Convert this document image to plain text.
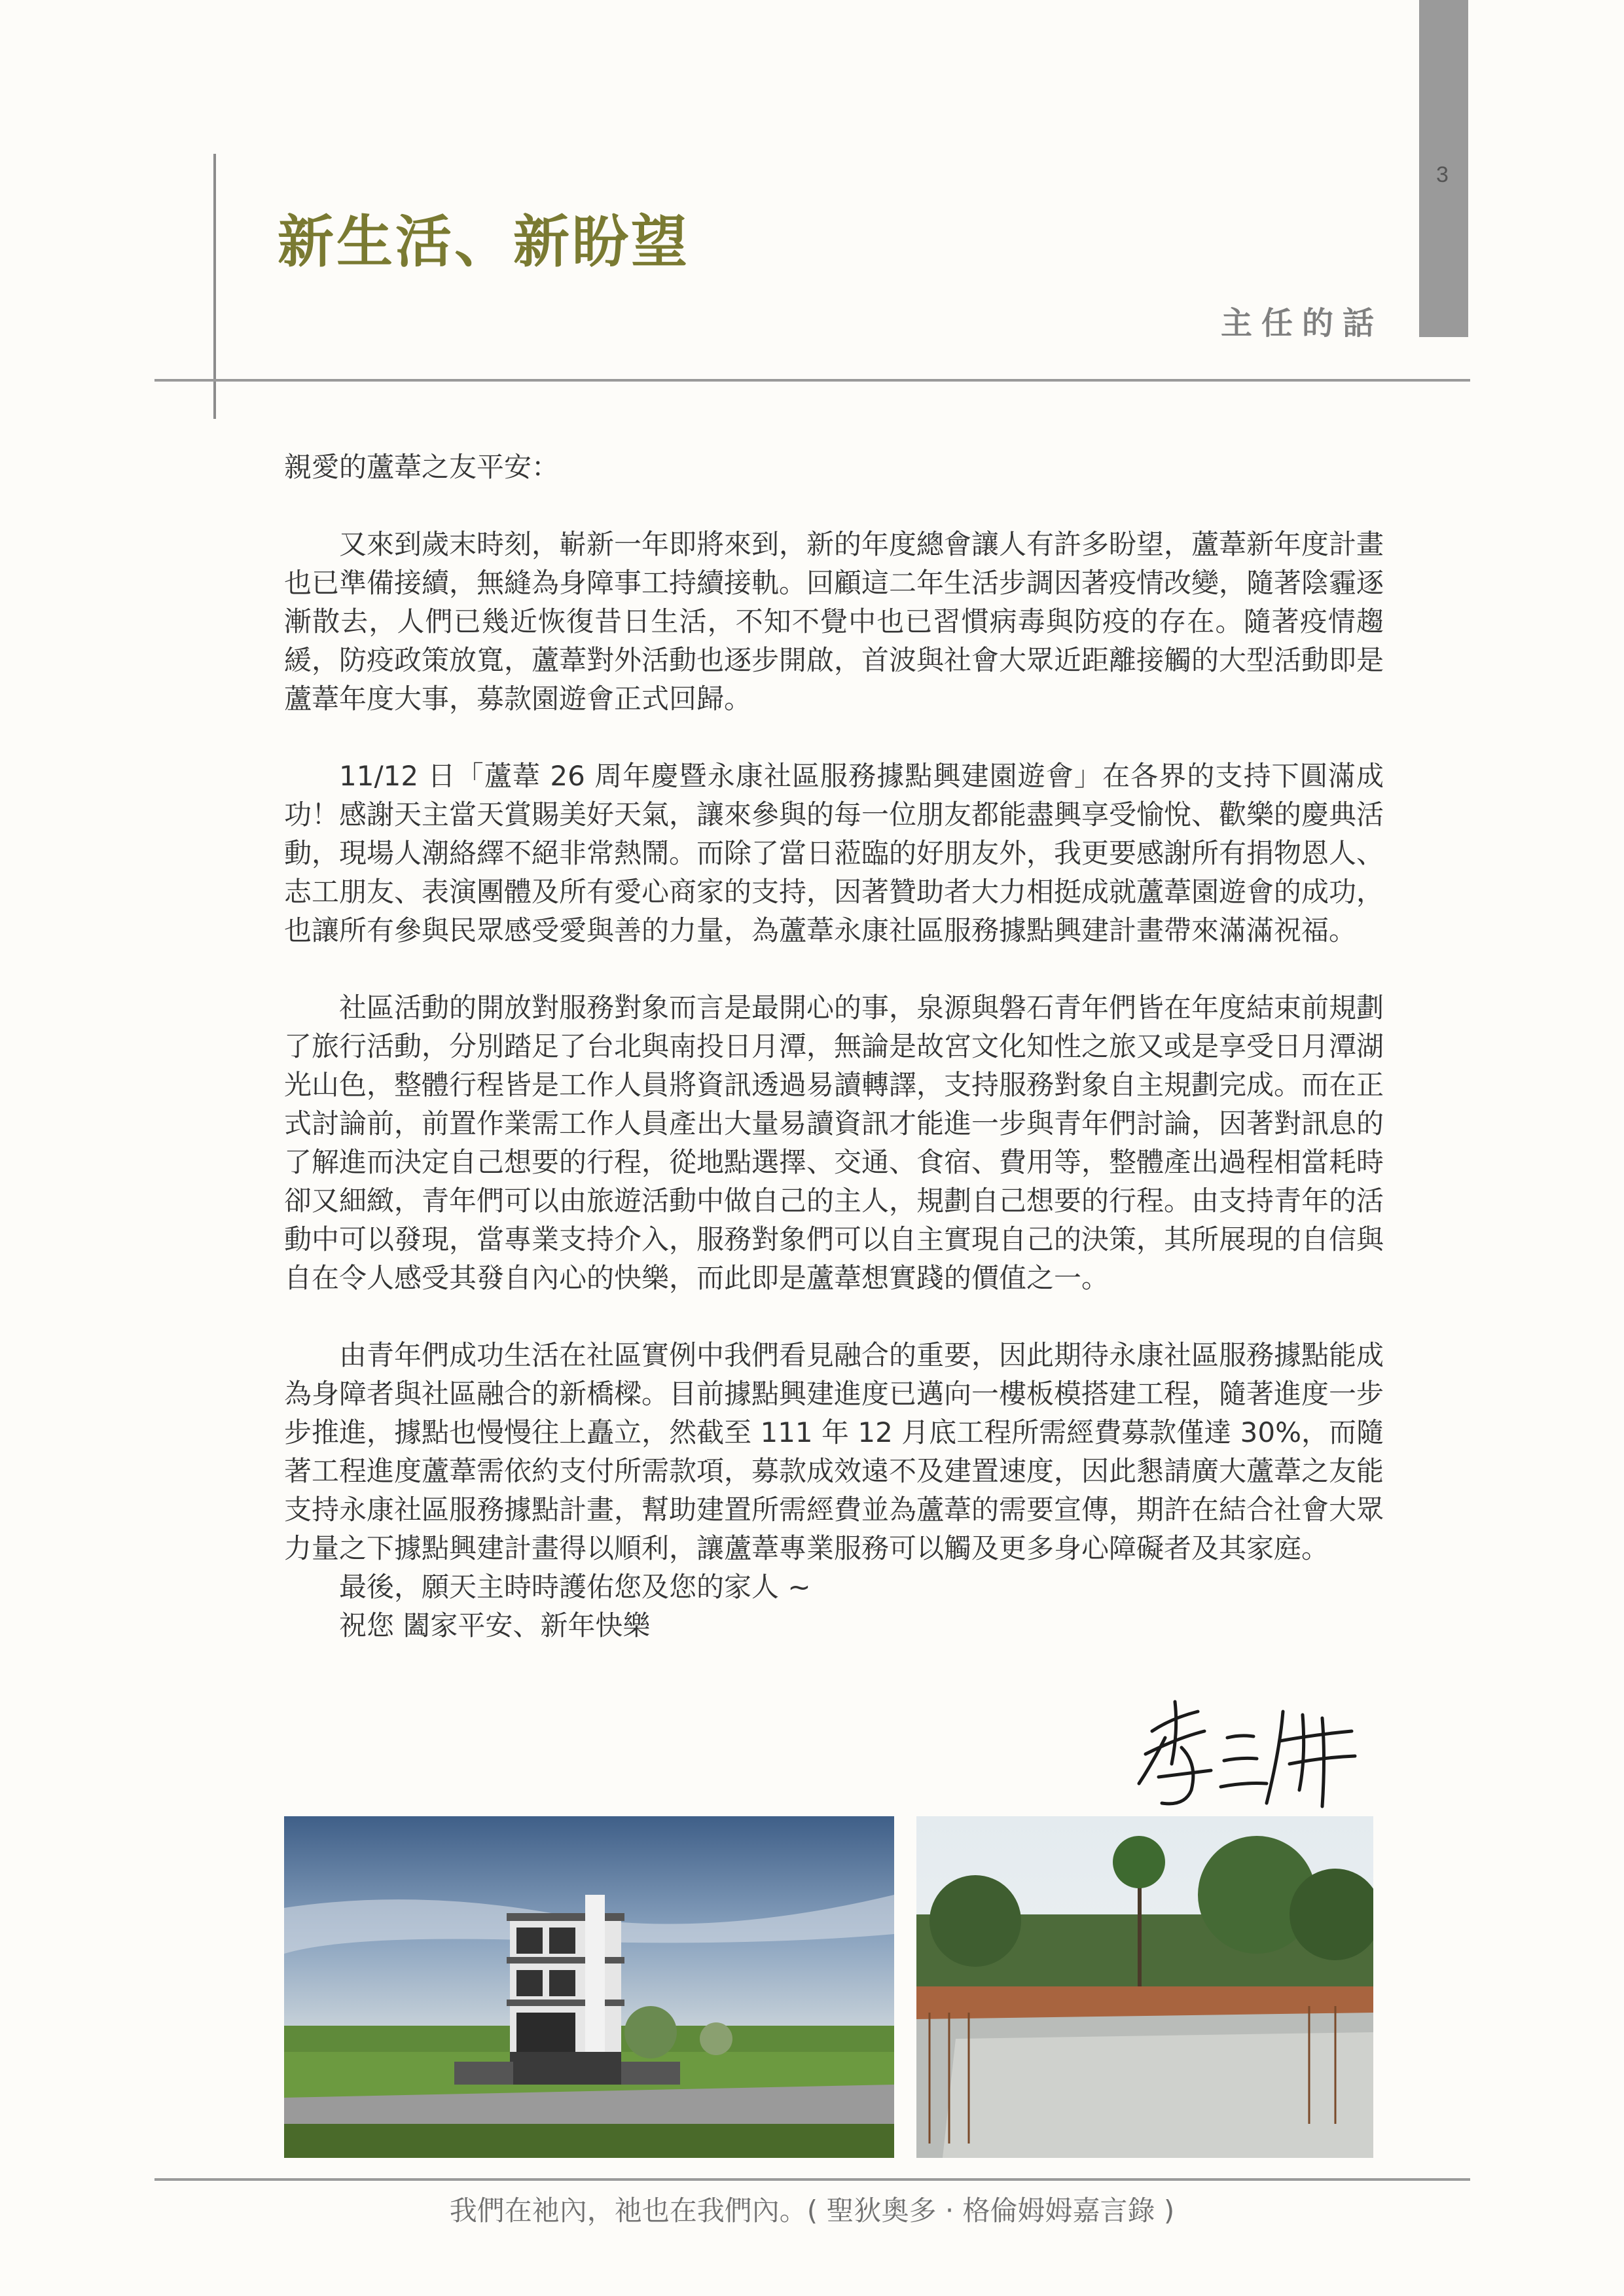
3
新生活、新盼望
主任的話

親愛的蘆葦之友平安：

又來到歲末時刻，嶄新一年即將來到，新的年度總會讓人有許多盼望，蘆葦新年度計畫也已準備接續，無縫為身障事工持續接軌。回顧這二年生活步調因著疫情改變，隨著陰霾逐漸散去，人們已幾近恢復昔日生活，不知不覺中也已習慣病毒與防疫的存在。隨著疫情趨緩，防疫政策放寬，蘆葦對外活動也逐步開啟，首波與社會大眾近距離接觸的大型活動即是蘆葦年度大事，募款園遊會正式回歸。

11/12 日「蘆葦 26 周年慶暨永康社區服務據點興建園遊會」在各界的支持下圓滿成功！感謝天主當天賞賜美好天氣，讓來參與的每一位朋友都能盡興享受愉悅、歡樂的慶典活動，現場人潮絡繹不絕非常熱鬧。而除了當日蒞臨的好朋友外，我更要感謝所有捐物恩人、志工朋友、表演團體及所有愛心商家的支持，因著贊助者大力相挺成就蘆葦園遊會的成功，也讓所有參與民眾感受愛與善的力量，為蘆葦永康社區服務據點興建計畫帶來滿滿祝福。

社區活動的開放對服務對象而言是最開心的事，泉源與磐石青年們皆在年度結束前規劃了旅行活動，分別踏足了台北與南投日月潭，無論是故宮文化知性之旅又或是享受日月潭湖光山色，整體行程皆是工作人員將資訊透過易讀轉譯，支持服務對象自主規劃完成。而在正式討論前，前置作業需工作人員產出大量易讀資訊才能進一步與青年們討論，因著對訊息的了解進而決定自己想要的行程，從地點選擇、交通、食宿、費用等，整體產出過程相當耗時卻又細緻，青年們可以由旅遊活動中做自己的主人，規劃自己想要的行程。由支持青年的活動中可以發現，當專業支持介入，服務對象們可以自主實現自己的決策，其所展現的自信與自在令人感受其發自內心的快樂，而此即是蘆葦想實踐的價值之一。

由青年們成功生活在社區實例中我們看見融合的重要，因此期待永康社區服務據點能成為身障者與社區融合的新橋樑。目前據點興建進度已邁向一樓板模搭建工程，隨著進度一步步推進，據點也慢慢往上矗立，然截至 111 年 12 月底工程所需經費募款僅達 30%，而隨著工程進度蘆葦需依約支付所需款項，募款成效遠不及建置速度，因此懇請廣大蘆葦之友能支持永康社區服務據點計畫，幫助建置所需經費並為蘆葦的需要宣傳，期許在結合社會大眾力量之下據點興建計畫得以順利，讓蘆葦專業服務可以觸及更多身心障礙者及其家庭。

最後，願天主時時護佑您及您的家人 ~

祝您 闔家平安、新年快樂

我們在祂內，祂也在我們內。( 聖狄奧多 ‧ 格倫姆姆嘉言錄 )
